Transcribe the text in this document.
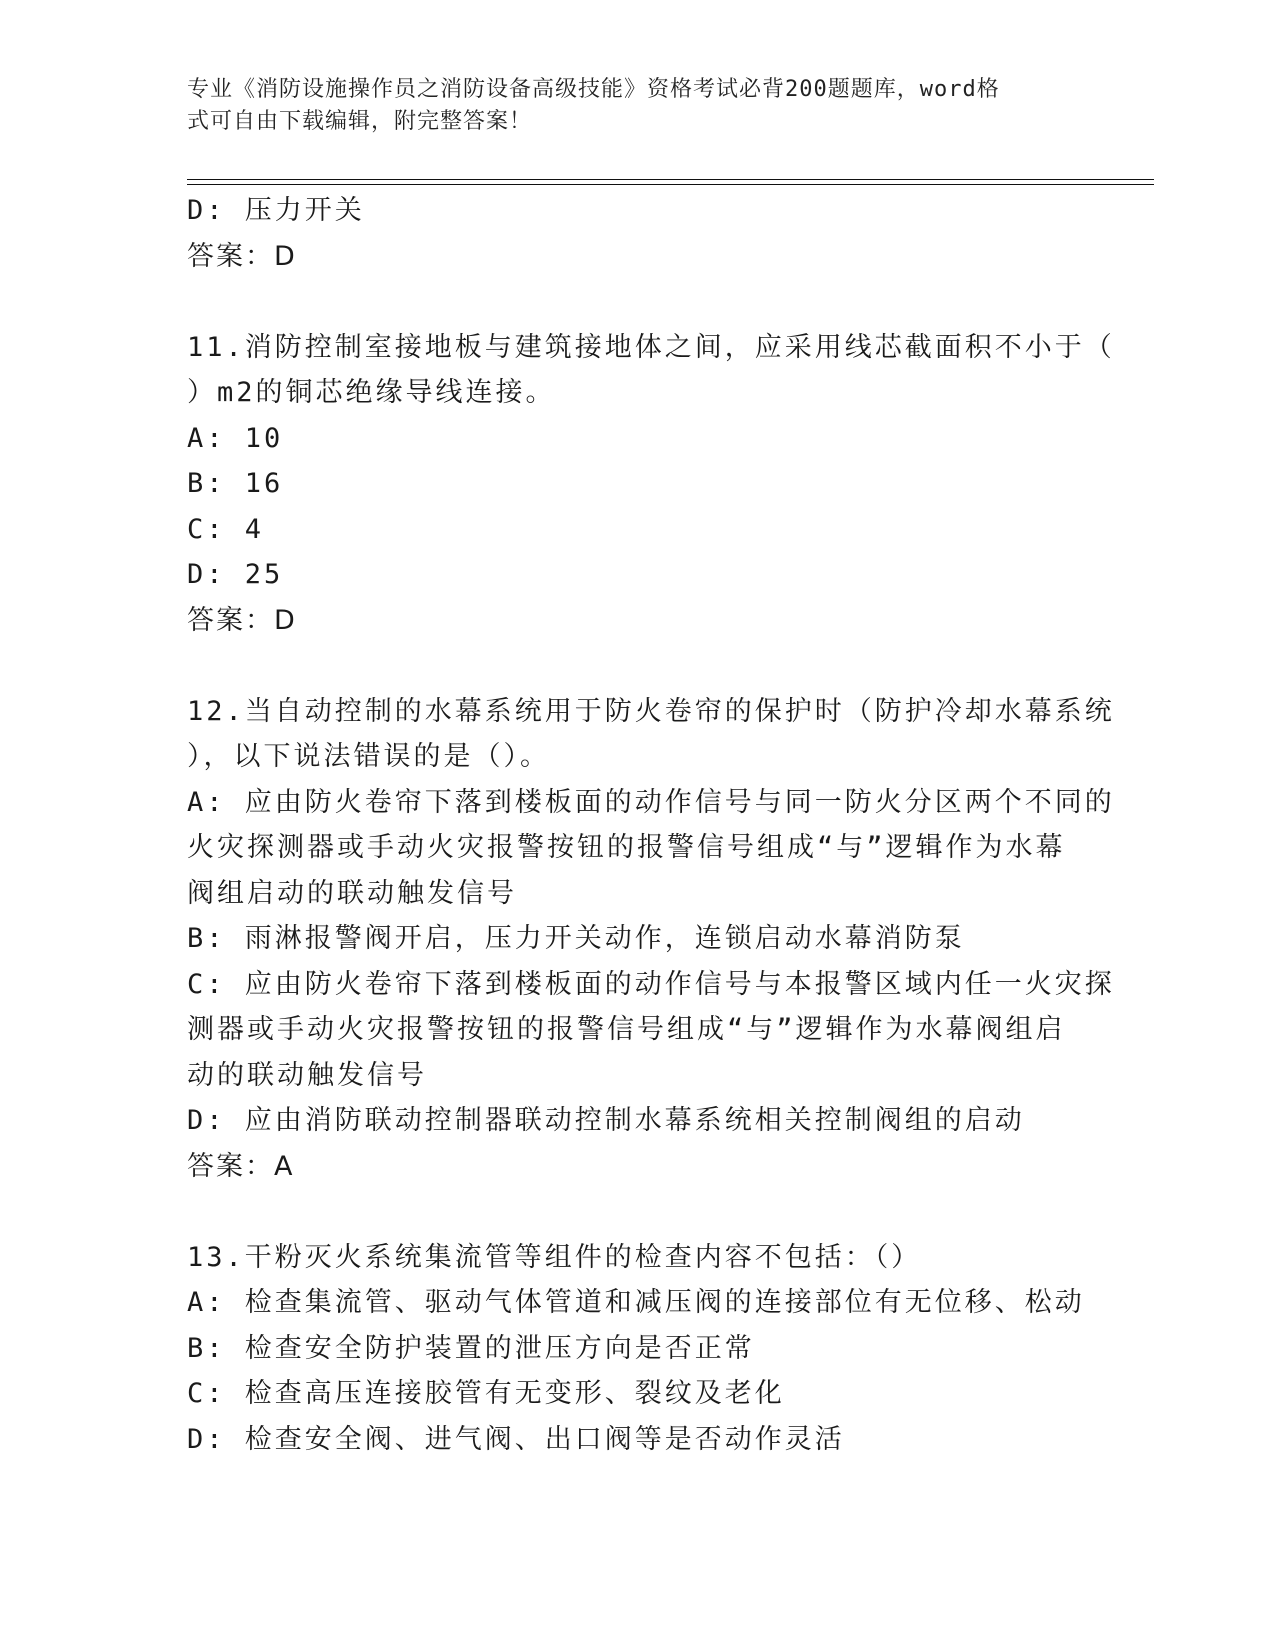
专业《消防设施操作员之消防设备高级技能》资格考试必背200题题库，word格
式可自由下载编辑，附完整答案！
D: 压力开关
答案：D
11.消防控制室接地板与建筑接地体之间，应采用线芯截面积不小于（
）m2的铜芯绝缘导线连接。
A: 10
B: 16
C: 4
D: 25
答案：D
12.当自动控制的水幕系统用于防火卷帘的保护时（防护冷却水幕系统
），以下说法错误的是（）。
A: 应由防火卷帘下落到楼板面的动作信号与同一防火分区两个不同的
火灾探测器或手动火灾报警按钮的报警信号组成“与”逻辑作为水幕
阀组启动的联动触发信号
B: 雨淋报警阀开启，压力开关动作，连锁启动水幕消防泵
C: 应由防火卷帘下落到楼板面的动作信号与本报警区域内任一火灾探
测器或手动火灾报警按钮的报警信号组成“与”逻辑作为水幕阀组启
动的联动触发信号
D: 应由消防联动控制器联动控制水幕系统相关控制阀组的启动
答案：A
13.干粉灭火系统集流管等组件的检查内容不包括：（）
A: 检查集流管、驱动气体管道和减压阀的连接部位有无位移、松动
B: 检查安全防护装置的泄压方向是否正常
C: 检查高压连接胶管有无变形、裂纹及老化
D: 检查安全阀、进气阀、出口阀等是否动作灵活
